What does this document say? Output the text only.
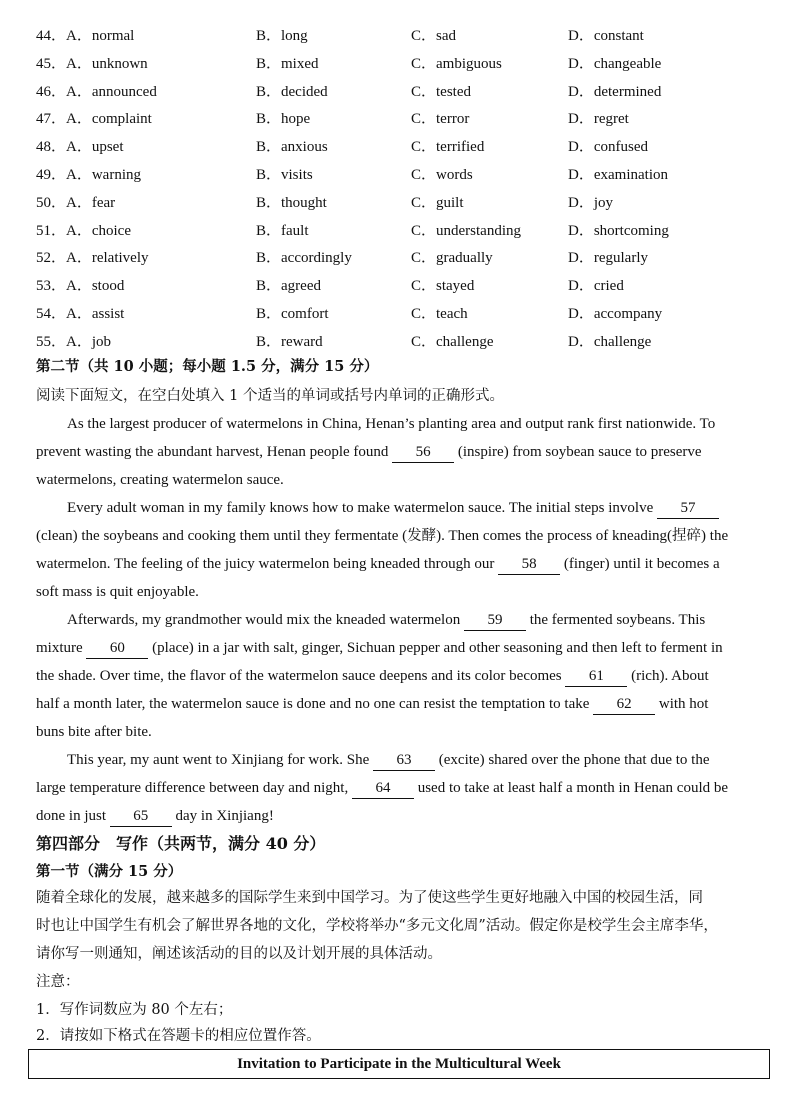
44．A．normal	B．long	C．sad	D．constant
45．A．unknown	B．mixed	C．ambiguous	D．changeable
46．A．announced	B．decided	C．tested	D．determined
47．A．complaint	B．hope	C．terror	D．regret
48．A．upset	B．anxious	C．terrified	D．confused
49．A．warning	B．visits	C．words	D．examination
50．A．fear	B．thought	C．guilt	D．joy
51．A．choice	B．fault	C．understanding	D．shortcoming
52．A．relatively	B．accordingly	C．gradually	D．regularly
53．A．stood	B．agreed	C．stayed	D．cried
54．A．assist	B．comfort	C．teach	D．accompany
55．A．job	B．reward	C．challenge	D．challenge
第二节（共 10 小题；每小题 1.5 分，满分 15 分）
阅读下面短文，在空白处填入 1 个适当的单词或括号内单词的正确形式。
As the largest producer of watermelons in China, Henan’s planting area and output rank first nationwide. To
prevent wasting the abundant harvest, Henan people found 56 (inspire) from soybean sauce to preserve
watermelons, creating watermelon sauce.
Every adult woman in my family knows how to make watermelon sauce. The initial steps involve 57
(clean) the soybeans and cooking them until they fermentate (发酵). Then comes the process of kneading(捏碎) the
watermelon. The feeling of the juicy watermelon being kneaded through our 58 (finger) until it becomes a
soft mass is quit enjoyable.
Afterwards, my grandmother would mix the kneaded watermelon 59 the fermented soybeans. This
mixture 60 (place) in a jar with salt, ginger, Sichuan pepper and other seasoning and then left to ferment in
the shade. Over time, the flavor of the watermelon sauce deepens and its color becomes 61 (rich). About
half a month later, the watermelon sauce is done and no one can resist the temptation to take 62 with hot
buns bite after bite.
This year, my aunt went to Xinjiang for work. She 63 (excite) shared over the phone that due to the
large temperature difference between day and night, 64 used to take at least half a month in Henan could be
done in just 65 day in Xinjiang!
第四部分　写作（共两节，满分 40 分）
第一节（满分 15 分）
随着全球化的发展，越来越多的国际学生来到中国学习。为了使这些学生更好地融入中国的校园生活，同
时也让中国学生有机会了解世界各地的文化，学校将举办“多元文化周”活动。假定你是校学生会主席李华，
请你写一则通知，阐述该活动的目的以及计划开展的具体活动。
注意：
1．写作词数应为 80 个左右；
2．请按如下格式在答题卡的相应位置作答。
Invitation to Participate in the Multicultural Week
